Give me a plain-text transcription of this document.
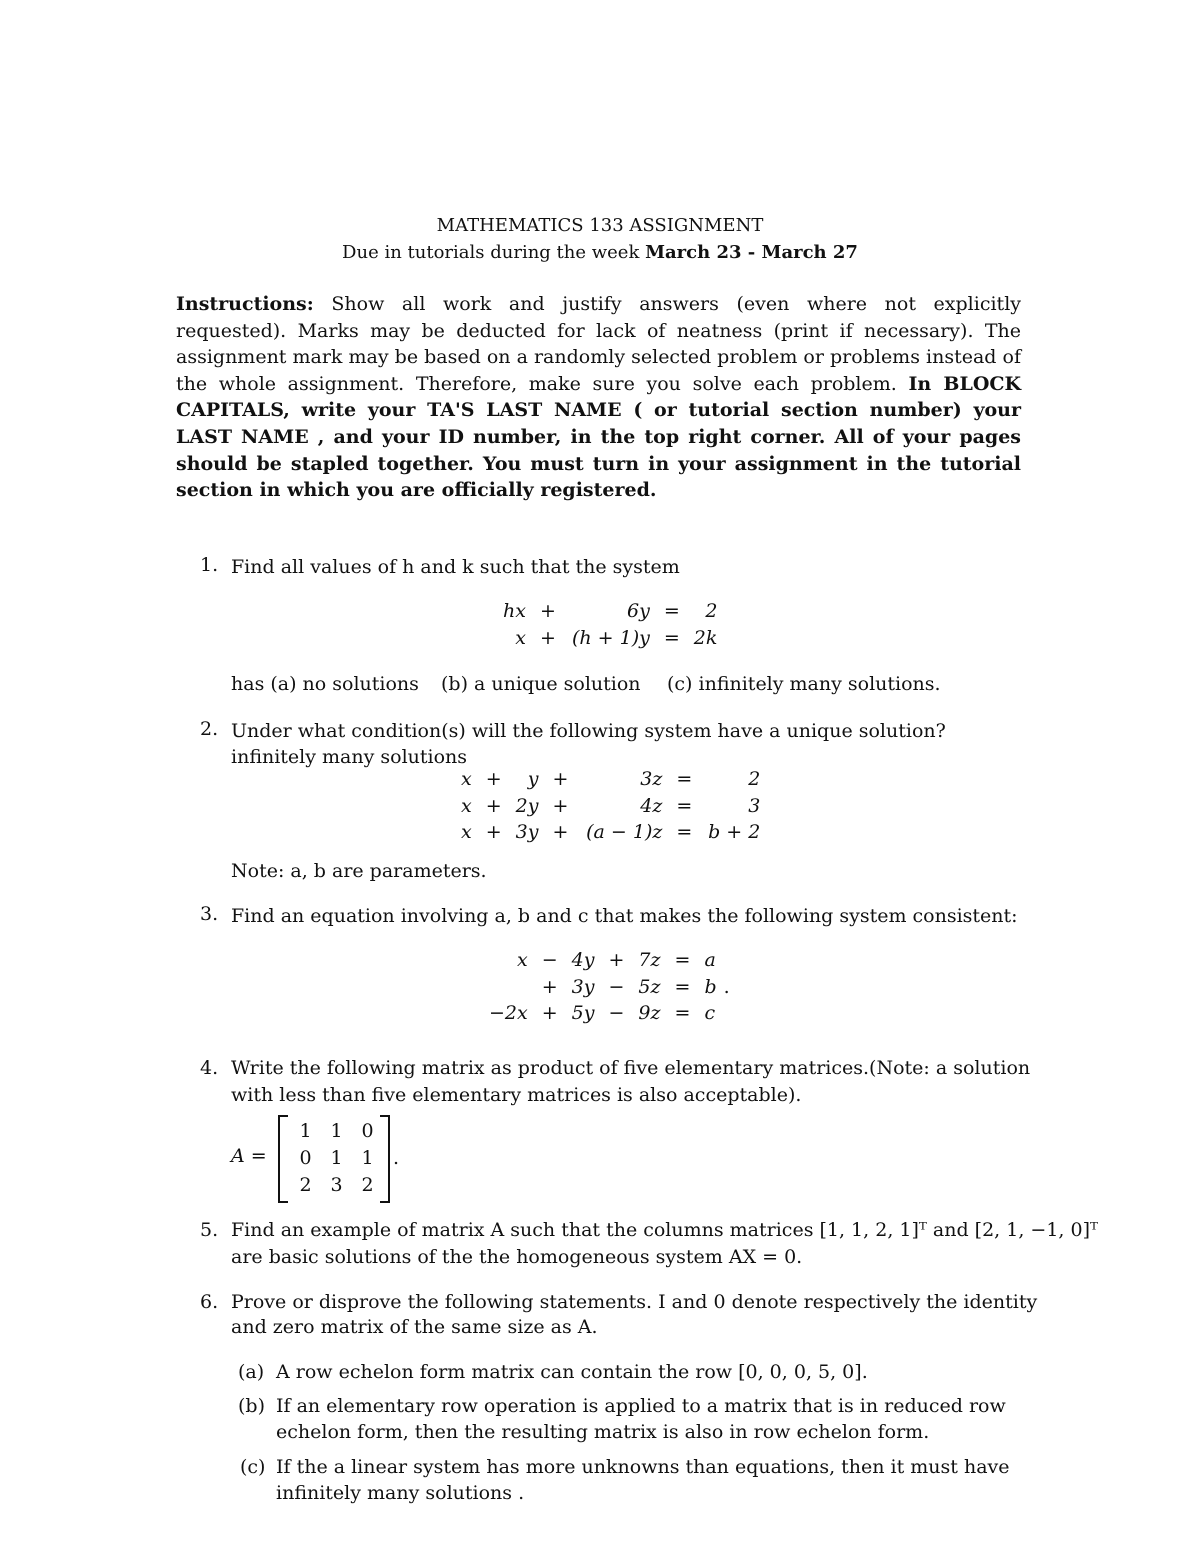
MATHEMATICS 133 ASSIGNMENT
Due in tutorials during the week March 23 - March 27
Instructions: Show all work and justify answers (even where not explicitly requested). Marks may be deducted for lack of neatness (print if necessary). The assignment mark may be based on a randomly selected problem or problems instead of the whole assignment. Therefore, make sure you solve each problem. In BLOCK CAPITALS, write your TA'S LAST NAME ( or tutorial section number) your LAST NAME , and your ID number, in the top right corner. All of your pages should be stapled together. You must turn in your assignment in the tutorial section in which you are officially registered.
1. Find all values of h and k such that the system
hx	+	6y	=	2
x	+	(h + 1)y	=	2k
has (a) no solutions (b) a unique solution (c) infinitely many solutions.
2. Under what condition(s) will the following system have a unique solution? infinitely many solutions
x	+	y	+	3z	=	2
x	+	2y	+	4z	=	3
x	+	3y	+	(a − 1)z	=	b + 2
Note: a, b are parameters.
3. Find an equation involving a, b and c that makes the following system consistent:
x	−	4y	+	7z	=	a	
	+	3y	−	5z	=	b	.
−2x	+	5y	−	9z	=	c	
4. Write the following matrix as product of five elementary matrices.(Note: a solution
with less than five elementary matrices is also acceptable).
A =
1	1	0
0	1	1
2	3	2
.
5. Find an example of matrix A such that the columns matrices [1, 1, 2, 1]ᵀ and [2, 1, −1, 0]ᵀ
are basic solutions of the the homogeneous system AX = 0.
6. Prove or disprove the following statements. I and 0 denote respectively the identity
and zero matrix of the same size as A.
(a) A row echelon form matrix can contain the row [0, 0, 0, 5, 0].
(b) If an elementary row operation is applied to a matrix that is in reduced row
echelon form, then the resulting matrix is also in row echelon form.
(c) If the a linear system has more unknowns than equations, then it must have
infinitely many solutions .
